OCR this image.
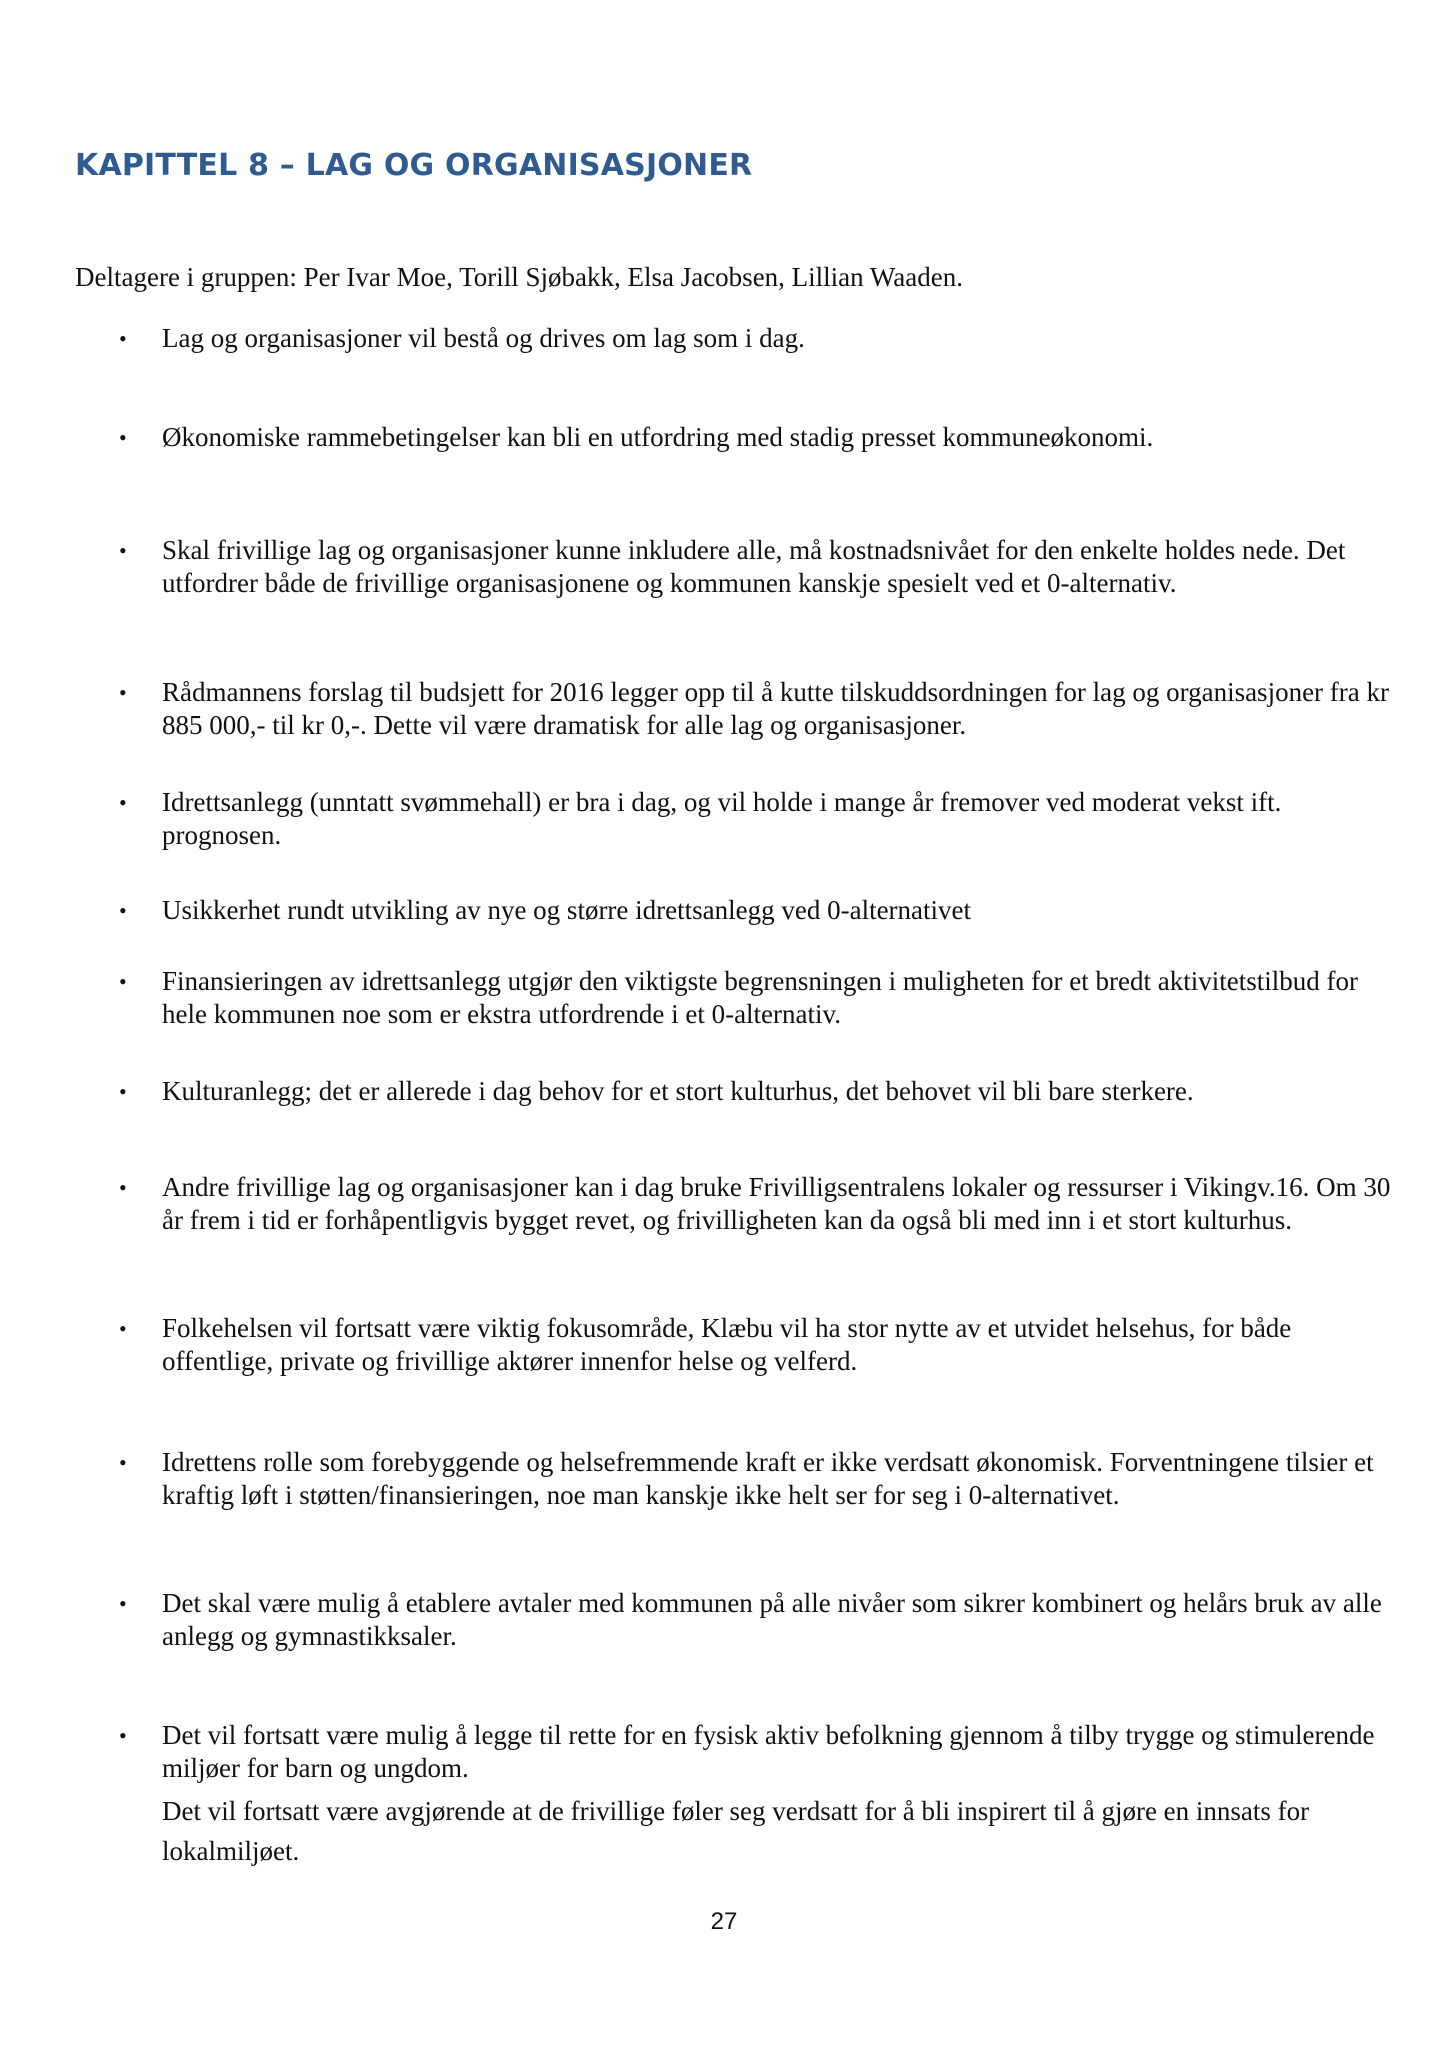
KAPITTEL 8 – LAG OG ORGANISASJONER

Deltagere i gruppen: Per Ivar Moe, Torill Sjøbakk, Elsa Jacobsen, Lillian Waaden.

• Lag og organisasjoner vil bestå og drives om lag som i dag.
• Økonomiske rammebetingelser kan bli en utfordring med stadig presset kommuneøkonomi.
• Skal frivillige lag og organisasjoner kunne inkludere alle, må kostnadsnivået for den enkelte holdes nede. Det utfordrer både de frivillige organisasjonene og kommunen kanskje spesielt ved et 0-alternativ.
• Rådmannens forslag til budsjett for 2016 legger opp til å kutte tilskuddsordningen for lag og organisasjoner fra kr 885 000,- til kr 0,-. Dette vil være dramatisk for alle lag og organisasjoner.
• Idrettsanlegg (unntatt svømmehall) er bra i dag, og vil holde i mange år fremover ved moderat vekst ift. prognosen.
• Usikkerhet rundt utvikling av nye og større idrettsanlegg ved 0-alternativet
• Finansieringen av idrettsanlegg utgjør den viktigste begrensningen i muligheten for et bredt aktivitetstilbud for hele kommunen noe som er ekstra utfordrende i et 0-alternativ.
• Kulturanlegg; det er allerede i dag behov for et stort kulturhus, det behovet vil bli bare sterkere.
• Andre frivillige lag og organisasjoner kan i dag bruke Frivilligsentralens lokaler og ressurser i Vikingv.16. Om 30 år frem i tid er forhåpentligvis bygget revet, og frivilligheten kan da også bli med inn i et stort kulturhus.
• Folkehelsen vil fortsatt være viktig fokusområde, Klæbu vil ha stor nytte av et utvidet helsehus, for både offentlige, private og frivillige aktører innenfor helse og velferd.
• Idrettens rolle som forebyggende og helsefremmende kraft er ikke verdsatt økonomisk. Forventningene tilsier et kraftig løft i støtten/finansieringen, noe man kanskje ikke helt ser for seg i 0-alternativet.
• Det skal være mulig å etablere avtaler med kommunen på alle nivåer som sikrer kombinert og helårs bruk av alle anlegg og gymnastikksaler.
• Det vil fortsatt være mulig å legge til rette for en fysisk aktiv befolkning gjennom å tilby trygge og stimulerende miljøer for barn og ungdom.
Det vil fortsatt være avgjørende at de frivillige føler seg verdsatt for å bli inspirert til å gjøre en innsats for lokalmiljøet.
27
